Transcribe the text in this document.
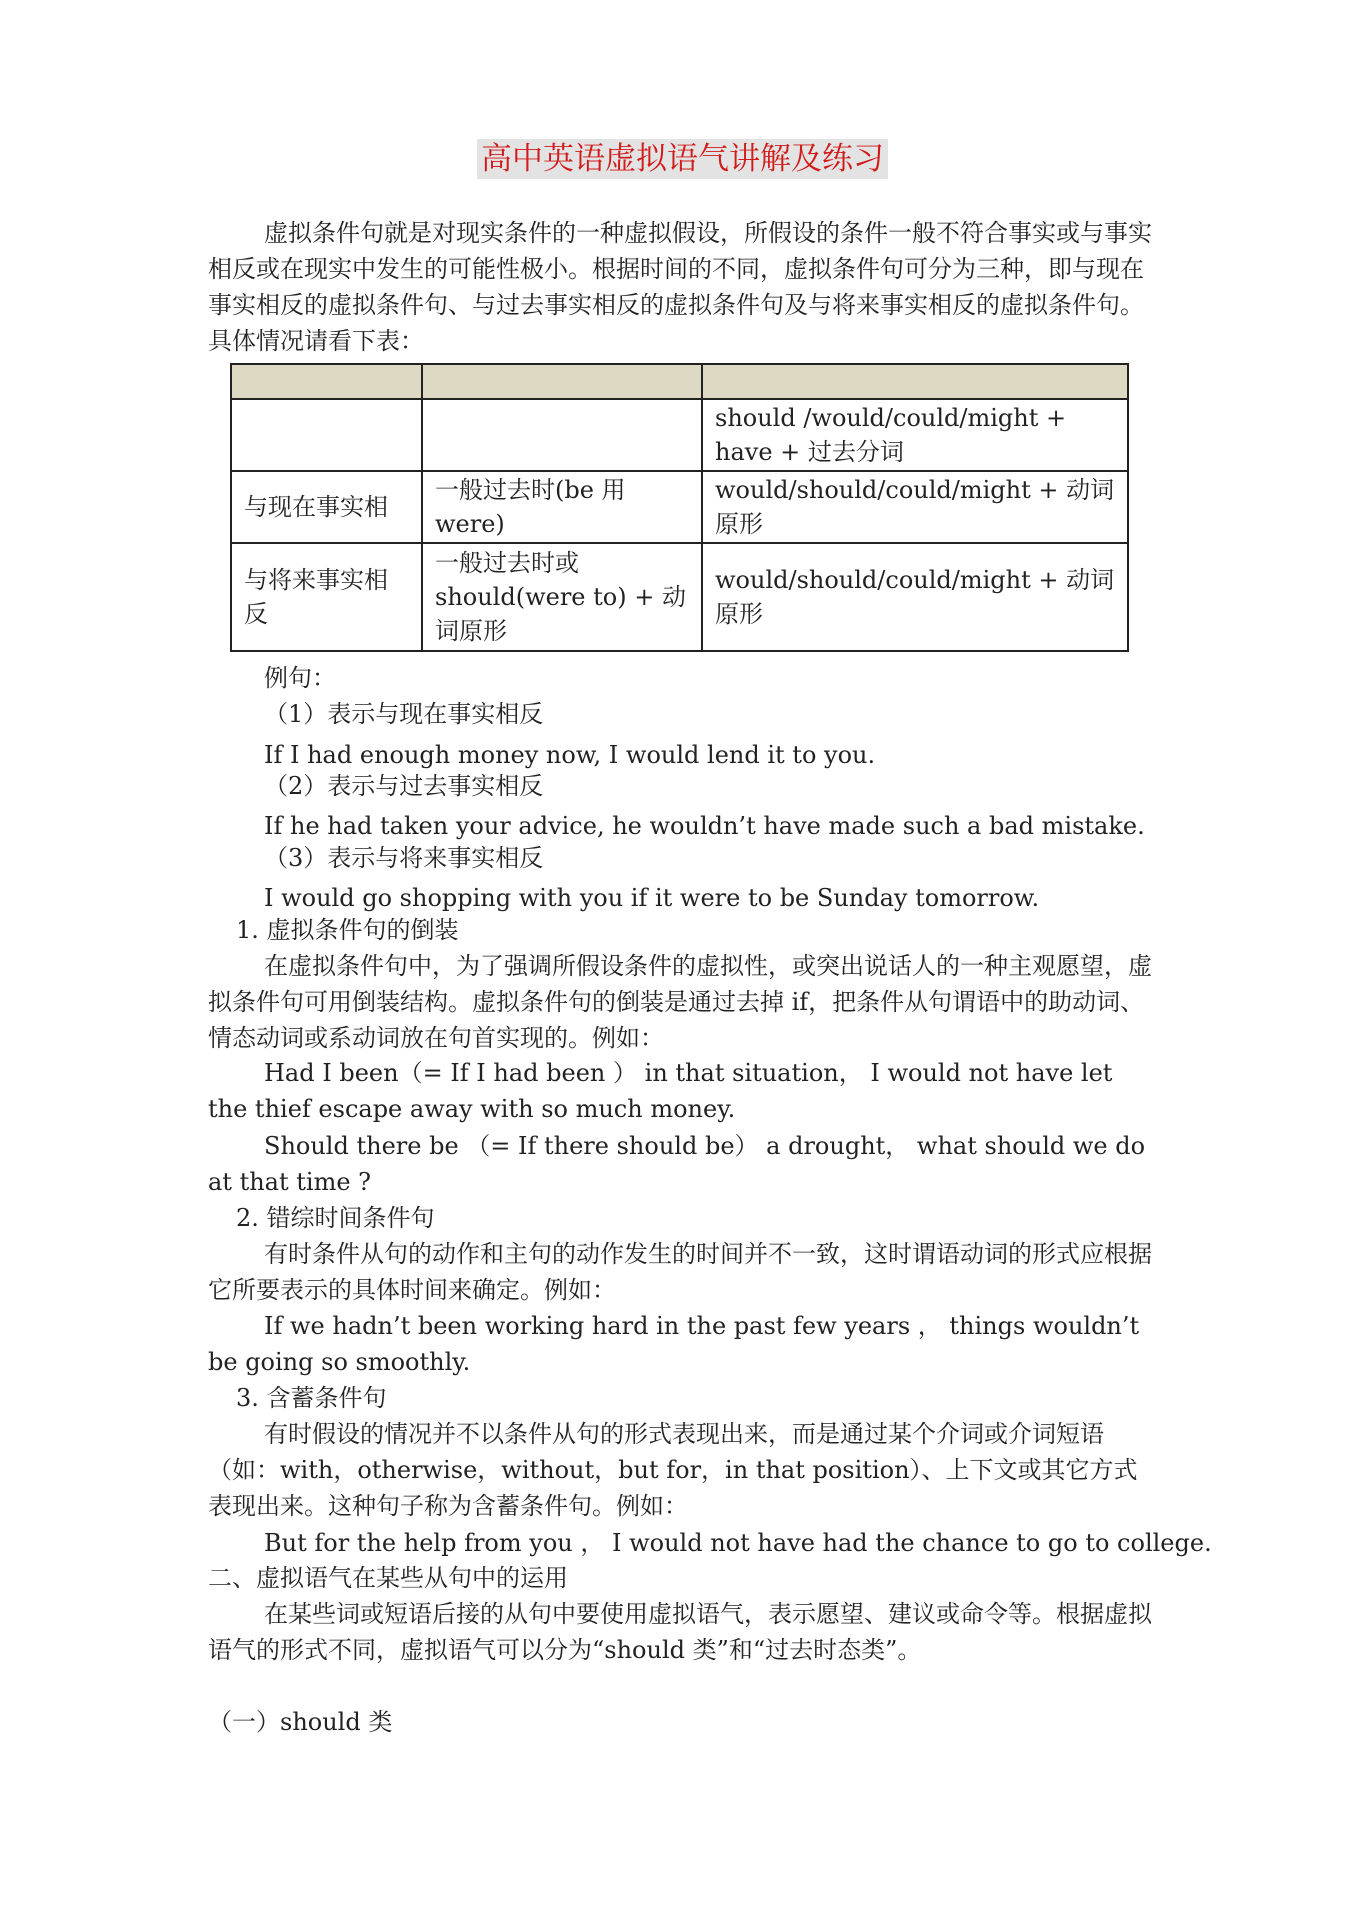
高中英语虚拟语气讲解及练习

虚拟条件句就是对现实条件的一种虚拟假设，所假设的条件一般不符合事实或与事实相反或在现实中发生的可能性极小。根据时间的不同，虚拟条件句可分为三种，即与现在事实相反的虚拟条件句、与过去事实相反的虚拟条件句及与将来事实相反的虚拟条件句。具体情况请看下表：

		should /would/could/might + have + 过去分词
与现在事实相	一般过去时(be 用 were)	would/should/could/might + 动词原形
与将来事实相反	一般过去时或 should(were to) + 动词原形	would/should/could/might + 动词原形
例句：
（1）表示与现在事实相反
If I had enough money now, I would lend it to you.
（2）表示与过去事实相反
If he had taken your advice, he wouldn’t have made such a bad mistake.
（3）表示与将来事实相反
I would go shopping with you if it were to be Sunday tomorrow.
1. 虚拟条件句的倒装

在虚拟条件句中，为了强调所假设条件的虚拟性，或突出说话人的一种主观愿望，虚拟条件句可用倒装结构。虚拟条件句的倒装是通过去掉 if，把条件从句谓语中的助动词、情态动词或系动词放在句首实现的。例如：

Had I been（= If I had been ） in that situation， I would not have let the thief escape away with so much money.

Should there be （= If there should be） a drought， what should we do at that time ?

2. 错综时间条件句

有时条件从句的动作和主句的动作发生的时间并不一致，这时谓语动词的形式应根据它所要表示的具体时间来确定。例如：

If we hadn’t been working hard in the past few years ， things wouldn’t be going so smoothly.

3. 含蓄条件句

有时假设的情况并不以条件从句的形式表现出来，而是通过某个介词或介词短语（如：with，otherwise，without，but for，in that position）、上下文或其它方式表现出来。这种句子称为含蓄条件句。例如：

But for the help from you ， I would not have had the chance to go to college.
二、虚拟语气在某些从句中的运用

在某些词或短语后接的从句中要使用虚拟语气，表示愿望、建议或命令等。根据虚拟语气的形式不同，虚拟语气可以分为“should 类”和“过去时态类”。

（一）should 类
